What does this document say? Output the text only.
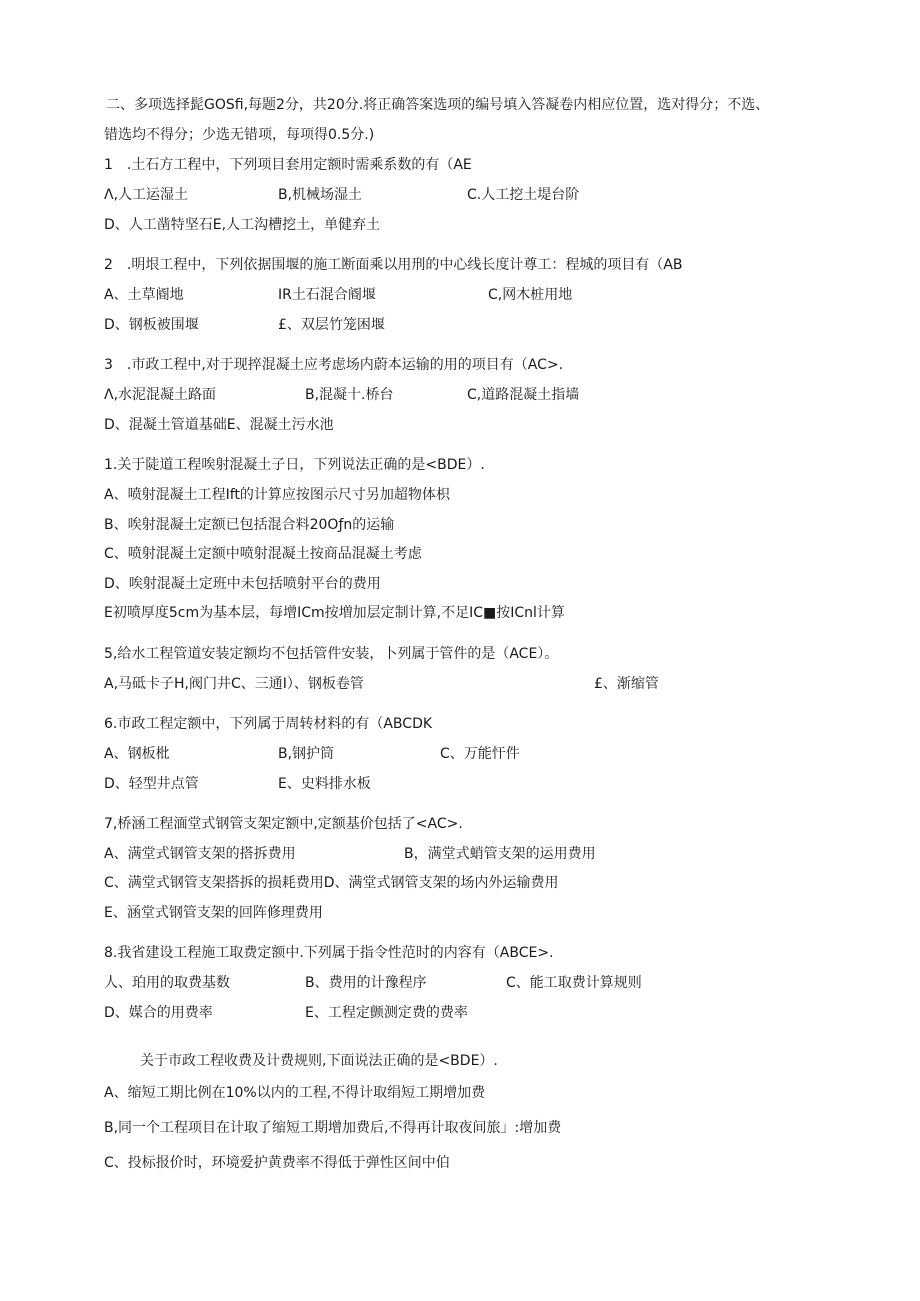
二、多项选择髭GOSfi,每题2分，共20分.将正确答案选项的编号填入答凝卷内相应位置，选对得分；不选、
错选均不得分；少选无错项，每项得0.5分.)
1　.土石方工程中，下列项目套用定额时需乘系数的有（AE
Λ,人工运湿土	B,机械场湿土	C.人工挖土堤台阶
D、人工凿特坚石E,人工沟槽挖土，单健弃土
2　.明垠工程中，下列依据围堰的施工断面乘以用刑的中心线长度计尊工：程城的项目有（AB
A、土草阍地	IR土石混合阍堰	C,网木桩用地
D、钢板被围堰	£、双层竹笼困堰
3　.市政工程中,对于现捽混凝土应考虑场内蔚本运输的用的项目有（AC>.
Λ,水泥混凝土路面	B,混凝十.桥台	C,道路混凝土指墙
D、混凝土管道基础E、混凝土污水池
1.关于陡道工程唉射混凝土子日，下列说法正确的是<BDE）.
A、喷射混凝土工程Ift的计算应按图示尺寸另加超物体枳
B、唉射混凝土定额已包括混合料20Oƒn的运输
C、喷射混凝土定额中喷射混凝土按商品混凝土考虑
D、唉射混凝土定班中未包括喷射平台的费用
E初喷厚度5cm为基本层，每增ICm按増加层定制计算,不足IC■按ICnl计算
5,给水工程管道安装定额均不包括管件安装，卜列属于管件的是（ACE）。
A,马砥卡子H,阀门井C、三通I）、钢板卷管	£、渐缩管
6.市政工程定额中，下列属于周转材料的有（ABCDK
A、钢板枇	B,钢护筒	C、万能忓件
D、轻型井点管	E、史料排水板
7,桥涵工程湎堂式钢管支架定额中,定额基价包括了<AC>.
A、满堂式钢管支架的搭拆费用	B，满堂式蛸管支架的运用费用
C、满堂式钢管支架搭拆的损耗费用D、满堂式钢管支架的场内外运输费用
E、涵堂式钢管支架的回阵修理费用
8.我省建设工程施工取费定额中.下列属于指令性范时的内容有（ABCE>.
人、珀用的取费基数	B、费用的计豫程序	C、能工取费计算规则
D、媒合的用费率	E、工程定颤测定费的费率
关于市政工程收费及计费规则,下面说法正确的是<BDE）.
A、缩短工期比例在10%以内的工程,不得计取绢短工期增加费
B,同一个工程项目在计取了缩短工期增加费后,不得再计取夜间旅」:增加费
C、投标报价时，环境爱护黄费率不得低于弹性区间中伯
